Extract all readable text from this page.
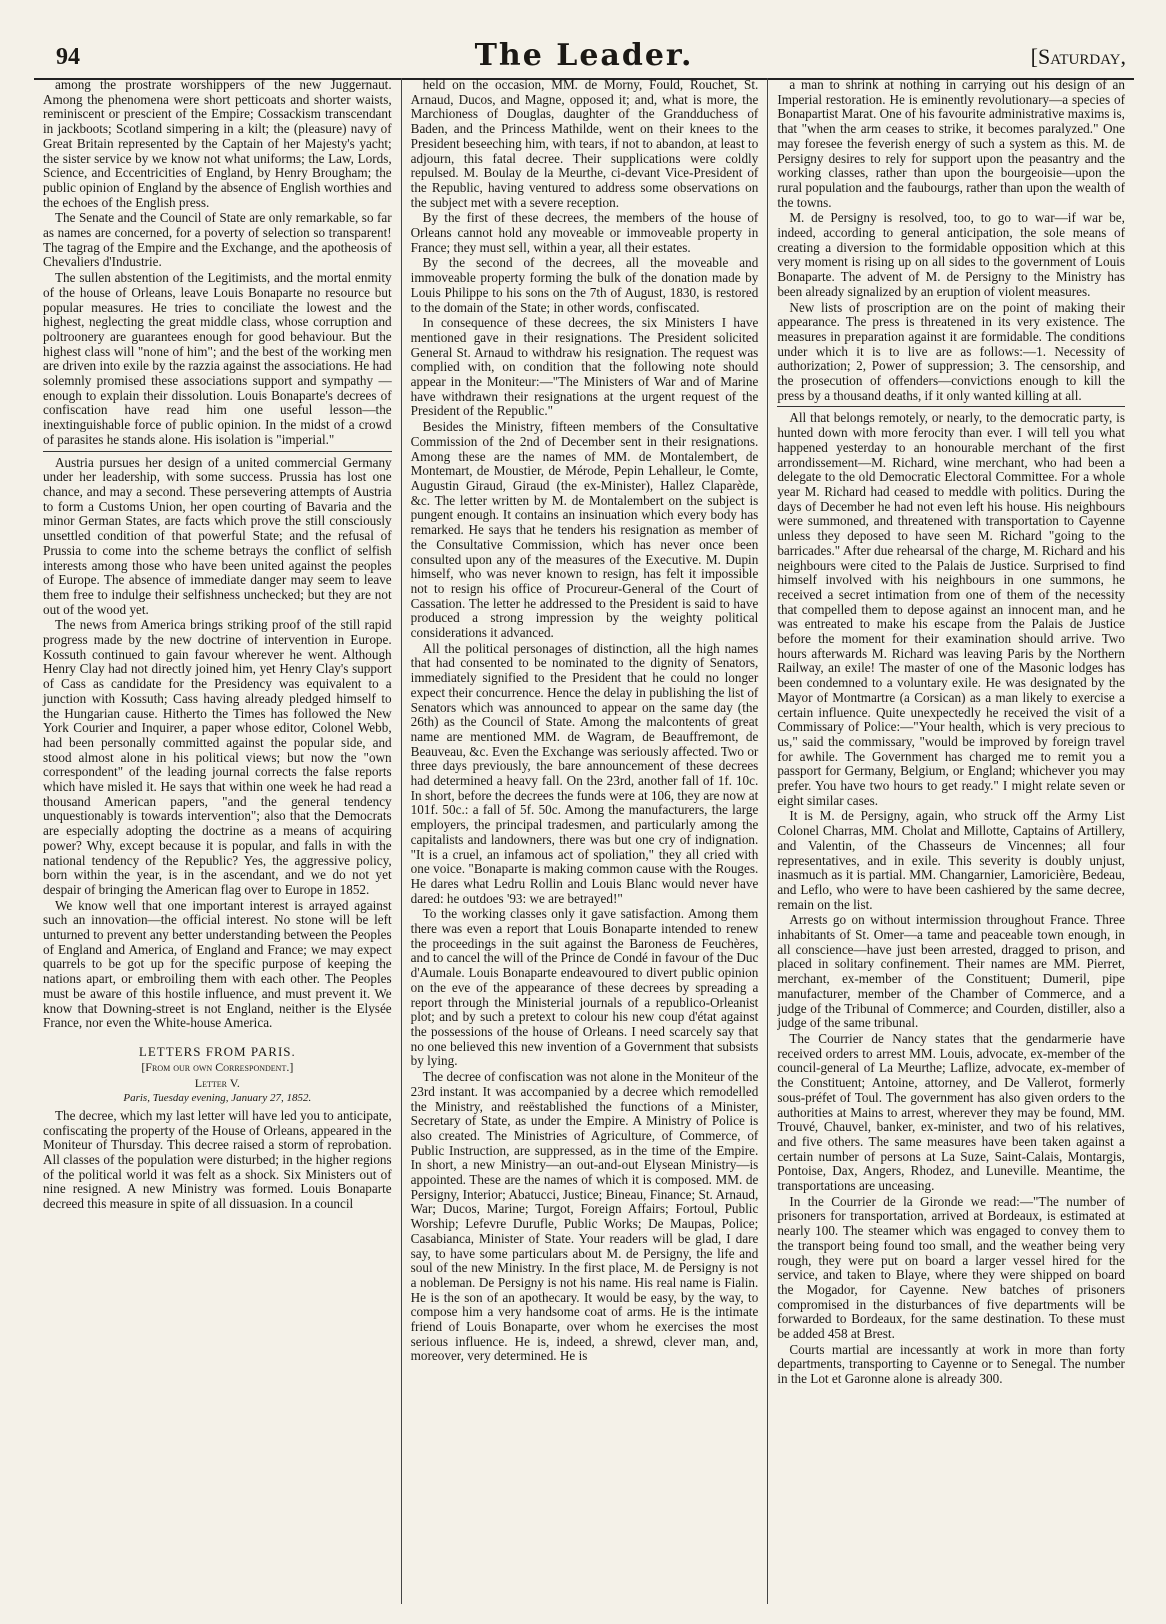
94	The Leader.	[Saturday,

among the prostrate worshippers of the new Juggernaut. Among the phenomena were short petticoats and shorter waists, reminiscent or prescient of the Empire; Cossackism transcendant in jackboots; Scotland simpering in a kilt; the (pleasure) navy of Great Britain represented by the Captain of her Majesty's yacht; the sister service by we know not what uniforms; the Law, Lords, Science, and Eccentricities of England, by Henry Brougham; the public opinion of England by the absence of English worthies and the echoes of the English press.

The Senate and the Council of State are only remarkable, so far as names are concerned, for a poverty of selection so transparent! The tagrag of the Empire and the Exchange, and the apotheosis of Chevaliers d'Industrie.

The sullen abstention of the Legitimists, and the mortal enmity of the house of Orleans, leave Louis Bonaparte no resource but popular measures. He tries to conciliate the lowest and the highest, neglecting the great middle class, whose corruption and poltroonery are guarantees enough for good behaviour. But the highest class will "none of him"; and the best of the working men are driven into exile by the razzia against the associations. He had solemnly promised these associations support and sympathy — enough to explain their dissolution. Louis Bonaparte's decrees of confiscation have read him one useful lesson—the inextinguishable force of public opinion. In the midst of a crowd of parasites he stands alone. His isolation is "imperial."

Austria pursues her design of a united commercial Germany under her leadership, with some success. Prussia has lost one chance, and may a second. These persevering attempts of Austria to form a Customs Union, her open courting of Bavaria and the minor German States, are facts which prove the still consciously unsettled condition of that powerful State; and the refusal of Prussia to come into the scheme betrays the conflict of selfish interests among those who have been united against the peoples of Europe. The absence of immediate danger may seem to leave them free to indulge their selfishness unchecked; but they are not out of the wood yet.

The news from America brings striking proof of the still rapid progress made by the new doctrine of intervention in Europe. Kossuth continued to gain favour wherever he went. Although Henry Clay had not directly joined him, yet Henry Clay's support of Cass as candidate for the Presidency was equivalent to a junction with Kossuth; Cass having already pledged himself to the Hungarian cause. Hitherto the Times has followed the New York Courier and Inquirer, a paper whose editor, Colonel Webb, had been personally committed against the popular side, and stood almost alone in his political views; but now the "own correspondent" of the leading journal corrects the false reports which have misled it. He says that within one week he had read a thousand American papers, "and the general tendency unquestionably is towards intervention"; also that the Democrats are especially adopting the doctrine as a means of acquiring power? Why, except because it is popular, and falls in with the national tendency of the Republic? Yes, the aggressive policy, born within the year, is in the ascendant, and we do not yet despair of bringing the American flag over to Europe in 1852.

We know well that one important interest is arrayed against such an innovation—the official interest. No stone will be left unturned to prevent any better understanding between the Peoples of England and America, of England and France; we may expect quarrels to be got up for the specific purpose of keeping the nations apart, or embroiling them with each other. The Peoples must be aware of this hostile influence, and must prevent it. We know that Downing-street is not England, neither is the Elysée France, nor even the White-house America.

LETTERS FROM PARIS.
[From our own Correspondent.]
Letter V.
Paris, Tuesday evening, January 27, 1852.

The decree, which my last letter will have led you to anticipate, confiscating the property of the House of Orleans, appeared in the Moniteur of Thursday. This decree raised a storm of reprobation. All classes of the population were disturbed; in the higher regions of the political world it was felt as a shock. Six Ministers out of nine resigned. A new Ministry was formed. Louis Bonaparte decreed this measure in spite of all dissuasion. In a council

held on the occasion, MM. de Morny, Fould, Rouchet, St. Arnaud, Ducos, and Magne, opposed it; and, what is more, the Marchioness of Douglas, daughter of the Grandduchess of Baden, and the Princess Mathilde, went on their knees to the President beseeching him, with tears, if not to abandon, at least to adjourn, this fatal decree. Their supplications were coldly repulsed. M. Boulay de la Meurthe, ci-devant Vice-President of the Republic, having ventured to address some observations on the subject met with a severe reception.

By the first of these decrees, the members of the house of Orleans cannot hold any moveable or immoveable property in France; they must sell, within a year, all their estates.

By the second of the decrees, all the moveable and immoveable property forming the bulk of the donation made by Louis Philippe to his sons on the 7th of August, 1830, is restored to the domain of the State; in other words, confiscated.

In consequence of these decrees, the six Ministers I have mentioned gave in their resignations. The President solicited General St. Arnaud to withdraw his resignation. The request was complied with, on condition that the following note should appear in the Moniteur:—"The Ministers of War and of Marine have withdrawn their resignations at the urgent request of the President of the Republic."

Besides the Ministry, fifteen members of the Consultative Commission of the 2nd of December sent in their resignations. Among these are the names of MM. de Montalembert, de Montemart, de Moustier, de Mérode, Pepin Lehalleur, le Comte, Augustin Giraud, Giraud (the ex-Minister), Hallez Claparède, &c. The letter written by M. de Montalembert on the subject is pungent enough. It contains an insinuation which every body has remarked. He says that he tenders his resignation as member of the Consultative Commission, which has never once been consulted upon any of the measures of the Executive. M. Dupin himself, who was never known to resign, has felt it impossible not to resign his office of Procureur-General of the Court of Cassation. The letter he addressed to the President is said to have produced a strong impression by the weighty political considerations it advanced.

All the political personages of distinction, all the high names that had consented to be nominated to the dignity of Senators, immediately signified to the President that he could no longer expect their concurrence. Hence the delay in publishing the list of Senators which was announced to appear on the same day (the 26th) as the Council of State. Among the malcontents of great name are mentioned MM. de Wagram, de Beauffremont, de Beauveau, &c. Even the Exchange was seriously affected. Two or three days previously, the bare announcement of these decrees had determined a heavy fall. On the 23rd, another fall of 1f. 10c. In short, before the decrees the funds were at 106, they are now at 101f. 50c.: a fall of 5f. 50c. Among the manufacturers, the large employers, the principal tradesmen, and particularly among the capitalists and landowners, there was but one cry of indignation. "It is a cruel, an infamous act of spoliation," they all cried with one voice. "Bonaparte is making common cause with the Rouges. He dares what Ledru Rollin and Louis Blanc would never have dared: he outdoes '93: we are betrayed!"

To the working classes only it gave satisfaction. Among them there was even a report that Louis Bonaparte intended to renew the proceedings in the suit against the Baroness de Feuchères, and to cancel the will of the Prince de Condé in favour of the Duc d'Aumale. Louis Bonaparte endeavoured to divert public opinion on the eve of the appearance of these decrees by spreading a report through the Ministerial journals of a republico-Orleanist plot; and by such a pretext to colour his new coup d'état against the possessions of the house of Orleans. I need scarcely say that no one believed this new invention of a Government that subsists by lying.

The decree of confiscation was not alone in the Moniteur of the 23rd instant. It was accompanied by a decree which remodelled the Ministry, and reëstablished the functions of a Minister, Secretary of State, as under the Empire. A Ministry of Police is also created. The Ministries of Agriculture, of Commerce, of Public Instruction, are suppressed, as in the time of the Empire. In short, a new Ministry—an out-and-out Elysean Ministry—is appointed. These are the names of which it is composed. MM. de Persigny, Interior; Abatucci, Justice; Bineau, Finance; St. Arnaud, War; Ducos, Marine; Turgot, Foreign Affairs; Fortoul, Public Worship; Lefevre Durufle, Public Works; De Maupas, Police; Casabianca, Minister of State. Your readers will be glad, I dare say, to have some particulars about M. de Persigny, the life and soul of the new Ministry. In the first place, M. de Persigny is not a nobleman. De Persigny is not his name. His real name is Fialin. He is the son of an apothecary. It would be easy, by the way, to compose him a very handsome coat of arms. He is the intimate friend of Louis Bonaparte, over whom he exercises the most serious influence. He is, indeed, a shrewd, clever man, and, moreover, very determined. He is

a man to shrink at nothing in carrying out his design of an Imperial restoration. He is eminently revolutionary—a species of Bonapartist Marat. One of his favourite administrative maxims is, that "when the arm ceases to strike, it becomes paralyzed." One may foresee the feverish energy of such a system as this. M. de Persigny desires to rely for support upon the peasantry and the working classes, rather than upon the bourgeoisie—upon the rural population and the faubourgs, rather than upon the wealth of the towns.

M. de Persigny is resolved, too, to go to war—if war be, indeed, according to general anticipation, the sole means of creating a diversion to the formidable opposition which at this very moment is rising up on all sides to the government of Louis Bonaparte. The advent of M. de Persigny to the Ministry has been already signalized by an eruption of violent measures.

New lists of proscription are on the point of making their appearance. The press is threatened in its very existence. The measures in preparation against it are formidable. The conditions under which it is to live are as follows:—1. Necessity of authorization; 2, Power of suppression; 3. The censorship, and the prosecution of offenders—convictions enough to kill the press by a thousand deaths, if it only wanted killing at all.

All that belongs remotely, or nearly, to the democratic party, is hunted down with more ferocity than ever. I will tell you what happened yesterday to an honourable merchant of the first arrondissement—M. Richard, wine merchant, who had been a delegate to the old Democratic Electoral Committee. For a whole year M. Richard had ceased to meddle with politics. During the days of December he had not even left his house. His neighbours were summoned, and threatened with transportation to Cayenne unless they deposed to have seen M. Richard "going to the barricades." After due rehearsal of the charge, M. Richard and his neighbours were cited to the Palais de Justice. Surprised to find himself involved with his neighbours in one summons, he received a secret intimation from one of them of the necessity that compelled them to depose against an innocent man, and he was entreated to make his escape from the Palais de Justice before the moment for their examination should arrive. Two hours afterwards M. Richard was leaving Paris by the Northern Railway, an exile! The master of one of the Masonic lodges has been condemned to a voluntary exile. He was designated by the Mayor of Montmartre (a Corsican) as a man likely to exercise a certain influence. Quite unexpectedly he received the visit of a Commissary of Police:—"Your health, which is very precious to us," said the commissary, "would be improved by foreign travel for awhile. The Government has charged me to remit you a passport for Germany, Belgium, or England; whichever you may prefer. You have two hours to get ready." I might relate seven or eight similar cases.

It is M. de Persigny, again, who struck off the Army List Colonel Charras, MM. Cholat and Millotte, Captains of Artillery, and Valentin, of the Chasseurs de Vincennes; all four representatives, and in exile. This severity is doubly unjust, inasmuch as it is partial. MM. Changarnier, Lamoricière, Bedeau, and Leflo, who were to have been cashiered by the same decree, remain on the list.

Arrests go on without intermission throughout France. Three inhabitants of St. Omer—a tame and peaceable town enough, in all conscience—have just been arrested, dragged to prison, and placed in solitary confinement. Their names are MM. Pierret, merchant, ex-member of the Constituent; Dumeril, pipe manufacturer, member of the Chamber of Commerce, and a judge of the Tribunal of Commerce; and Courden, distiller, also a judge of the same tribunal.

The Courrier de Nancy states that the gendarmerie have received orders to arrest MM. Louis, advocate, ex-member of the council-general of La Meurthe; Laflize, advocate, ex-member of the Constituent; Antoine, attorney, and De Vallerot, formerly sous-préfet of Toul. The government has also given orders to the authorities at Mains to arrest, wherever they may be found, MM. Trouvé, Chauvel, banker, ex-minister, and two of his relatives, and five others. The same measures have been taken against a certain number of persons at La Suze, Saint-Calais, Montargis, Pontoise, Dax, Angers, Rhodez, and Luneville. Meantime, the transportations are unceasing.

In the Courrier de la Gironde we read:—"The number of prisoners for transportation, arrived at Bordeaux, is estimated at nearly 100. The steamer which was engaged to convey them to the transport being found too small, and the weather being very rough, they were put on board a larger vessel hired for the service, and taken to Blaye, where they were shipped on board the Mogador, for Cayenne. New batches of prisoners compromised in the disturbances of five departments will be forwarded to Bordeaux, for the same destination. To these must be added 458 at Brest.

Courts martial are incessantly at work in more than forty departments, transporting to Cayenne or to Senegal. The number in the Lot et Garonne alone is already 300.
